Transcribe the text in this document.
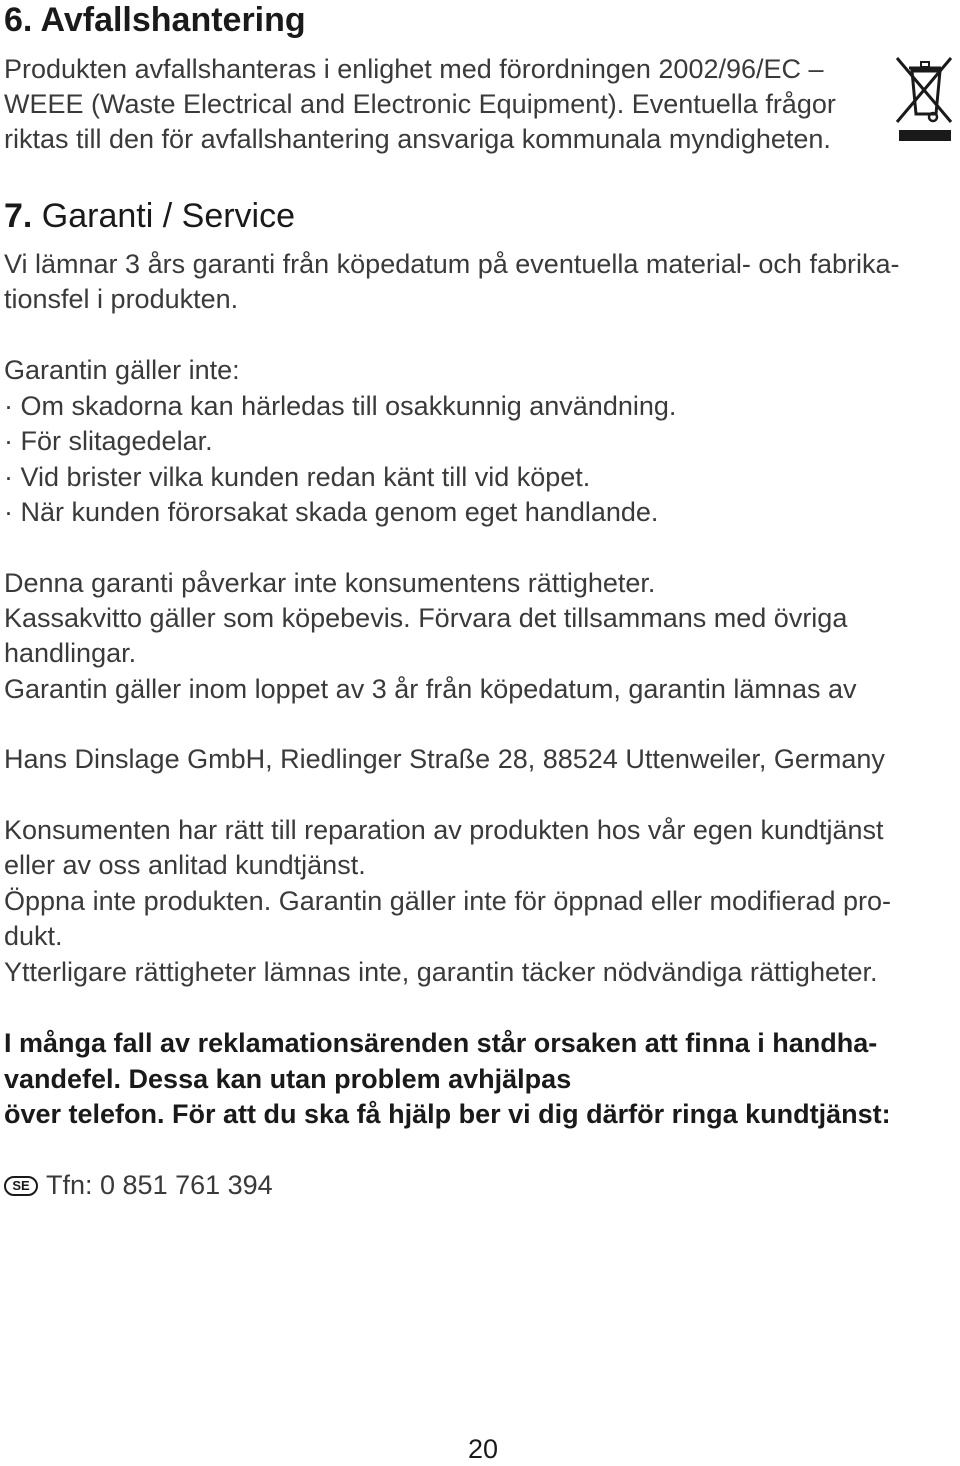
6. Avfallshantering
Produkten avfallshanteras i enlighet med förordningen 2002/96/EC –
WEEE (Waste Electrical and Electronic Equipment). Eventuella frågor
riktas till den för avfallshantering ansvariga kommunala myndigheten.
7. Garanti / Service
Vi lämnar 3 års garanti från köpedatum på eventuella material- och fabrika-
tionsfel i produkten.
Garantin gäller inte:
· Om skadorna kan härledas till osakkunnig användning.
· För slitagedelar.
· Vid brister vilka kunden redan känt till vid köpet.
· När kunden förorsakat skada genom eget handlande.
Denna garanti påverkar inte konsumentens rättigheter.
Kassakvitto gäller som köpebevis. Förvara det tillsammans med övriga
handlingar.
Garantin gäller inom loppet av 3 år från köpedatum, garantin lämnas av
Hans Dinslage GmbH, Riedlinger Straße 28, 88524 Uttenweiler, Germany
Konsumenten har rätt till reparation av produkten hos vår egen kundtjänst
eller av oss anlitad kundtjänst.
Öppna inte produkten. Garantin gäller inte för öppnad eller modifierad pro-
dukt.
Ytterligare rättigheter lämnas inte, garantin täcker nödvändiga rättigheter.
I många fall av reklamationsärenden står orsaken att finna i handha-
vandefel. Dessa kan utan problem avhjälpas
över telefon. För att du ska få hjälp ber vi dig därför ringa kundtjänst:
SE Tfn: 0 851 761 394
20
